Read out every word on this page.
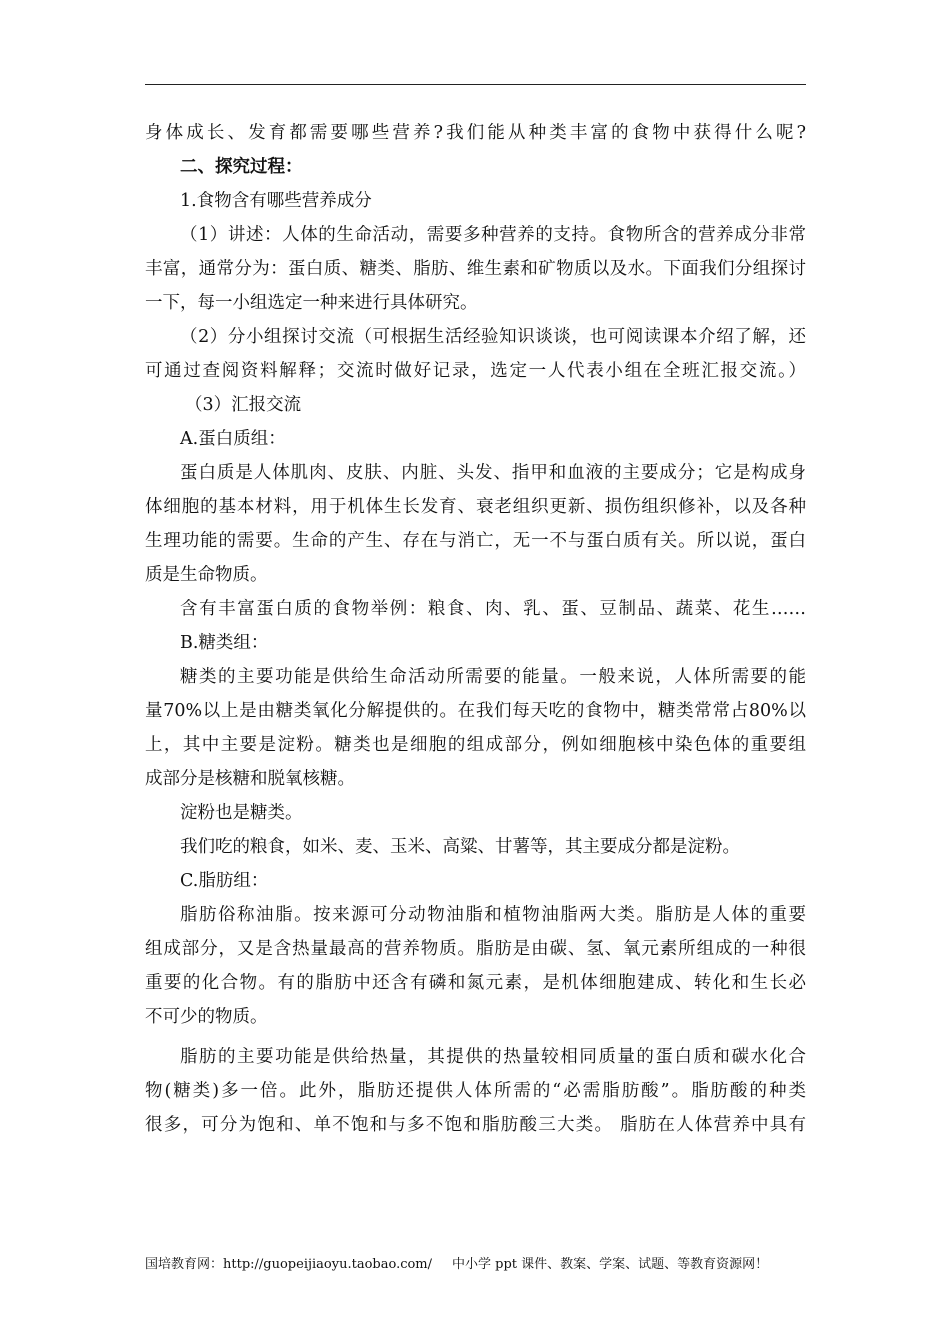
身体成长、发育都需要哪些营养?我们能从种类丰富的食物中获得什么呢?
二、探究过程：
1.食物含有哪些营养成分
（1）讲述：人体的生命活动，需要多种营养的支持。食物所含的营养成分非常
丰富，通常分为：蛋白质、糖类、脂肪、维生素和矿物质以及水。下面我们分组探讨
一下，每一小组选定一种来进行具体研究。
（2）分小组探讨交流（可根据生活经验知识谈谈，也可阅读课本介绍了解，还
可通过查阅资料解释；交流时做好记录，选定一人代表小组在全班汇报交流。）
（3）汇报交流
A.蛋白质组：
蛋白质是人体肌肉、皮肤、内脏、头发、指甲和血液的主要成分；它是构成身
体细胞的基本材料，用于机体生长发育、衰老组织更新、损伤组织修补，以及各种
生理功能的需要。生命的产生、存在与消亡，无一不与蛋白质有关。所以说，蛋白
质是生命物质。
含有丰富蛋白质的食物举例：粮食、肉、乳、蛋、豆制品、蔬菜、花生……
B.糖类组：
糖类的主要功能是供给生命活动所需要的能量。一般来说，人体所需要的能
量70%以上是由糖类氧化分解提供的。在我们每天吃的食物中，糖类常常占80%以
上，其中主要是淀粉。糖类也是细胞的组成部分，例如细胞核中染色体的重要组
成部分是核糖和脱氧核糖。
淀粉也是糖类。
我们吃的粮食，如米、麦、玉米、高粱、甘薯等，其主要成分都是淀粉。
C.脂肪组：
脂肪俗称油脂。按来源可分动物油脂和植物油脂两大类。脂肪是人体的重要
组成部分，又是含热量最高的营养物质。脂肪是由碳、氢、氧元素所组成的一种很
重要的化合物。有的脂肪中还含有磷和氮元素，是机体细胞建成、转化和生长必
不可少的物质。
脂肪的主要功能是供给热量，其提供的热量较相同质量的蛋白质和碳水化合
物(糖类)多一倍。此外，脂肪还提供人体所需的“必需脂肪酸”。脂肪酸的种类
很多，可分为饱和、单不饱和与多不饱和脂肪酸三大类。 脂肪在人体营养中具有
国培教育网：http://guopeijiaoyu.taobao.com/ 中小学 ppt 课件、教案、学案、试题、等教育资源网！
